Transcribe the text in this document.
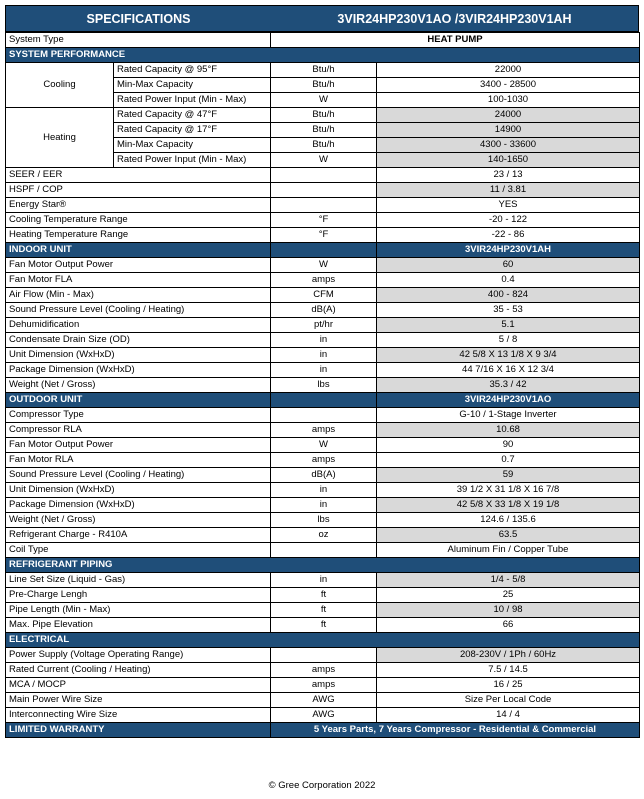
SPECIFICATIONS	3VIR24HP230V1AO /3VIR24HP230V1AH
System Type		HEAT PUMP	
SYSTEM PERFORMANCE			
Cooling	Rated Capacity @ 95°F	Btu/h	22000
	Min-Max Capacity	Btu/h	3400 - 28500
	Rated Power Input (Min - Max)	W	100-1030
Heating	Rated Capacity @ 47°F	Btu/h	24000
	Rated Capacity @ 17°F	Btu/h	14900
	Min-Max Capacity	Btu/h	4300 - 33600
	Rated Power Input (Min - Max)	W	140-1650
SEER / EER			23 / 13
HSPF / COP			11 / 3.81
Energy Star®			YES
Cooling Temperature Range		°F	-20 - 122
Heating Temperature Range		°F	-22 - 86
INDOOR UNIT			3VIR24HP230V1AH
Fan Motor Output Power		W	60
Fan Motor FLA		amps	0.4
Air Flow (Min - Max)		CFM	400 - 824
Sound Pressure Level (Cooling / Heating)		dB(A)	35 - 53
Dehumidification		pt/hr	5.1
Condensate Drain Size (OD)		in	5 / 8
Unit Dimension (WxHxD)		in	42 5/8 X 13 1/8 X 9 3/4
Package Dimension (WxHxD)		in	44 7/16 X 16 X 12 3/4
Weight (Net / Gross)		lbs	35.3 / 42
OUTDOOR UNIT			3VIR24HP230V1AO
Compressor Type			G-10 / 1-Stage Inverter
Compressor RLA		amps	10.68
Fan Motor Output Power		W	90
Fan Motor RLA		amps	0.7
Sound Pressure Level (Cooling / Heating)		dB(A)	59
Unit Dimension (WxHxD)		in	39 1/2 X 31 1/8 X 16 7/8
Package Dimension (WxHxD)		in	42 5/8 X 33 1/8 X 19 1/8
Weight (Net / Gross)		lbs	124.6 / 135.6
Refrigerant Charge - R410A		oz	63.5
Coil Type			Aluminum Fin / Copper Tube
REFRIGERANT PIPING			
Line Set Size (Liquid - Gas)		in	1/4 - 5/8
Pre-Charge Lengh		ft	25
Pipe Length (Min - Max)		ft	10 / 98
Max. Pipe Elevation		ft	66
ELECTRICAL			
Power Supply (Voltage Operating Range)			208-230V / 1Ph / 60Hz
Rated Current (Cooling / Heating)		amps	7.5 / 14.5
MCA / MOCP		amps	16 / 25
Main Power Wire Size		AWG	Size Per Local Code
Interconnecting Wire Size		AWG	14 / 4
LIMITED WARRANTY		5 Years Parts, 7 Years Compressor - Residential & Commercial	
© Gree Corporation 2022
